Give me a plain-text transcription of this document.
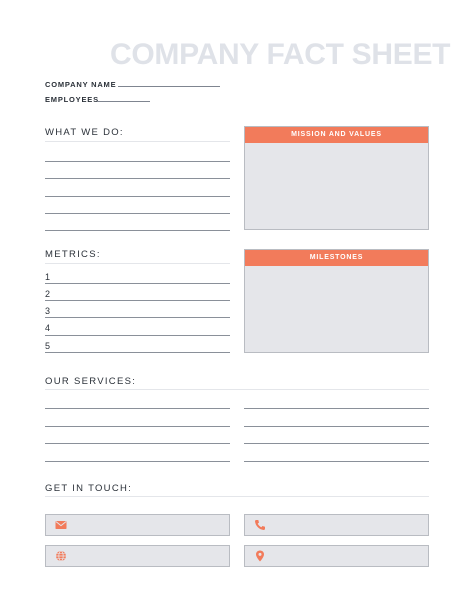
COMPANY FACT SHEET
COMPANY NAME
EMPLOYEES
WHAT WE DO:	MISSION AND VALUES
METRICS:
1
2
3
4
5
MILESTONES
OUR SERVICES:
GET IN TOUCH:
